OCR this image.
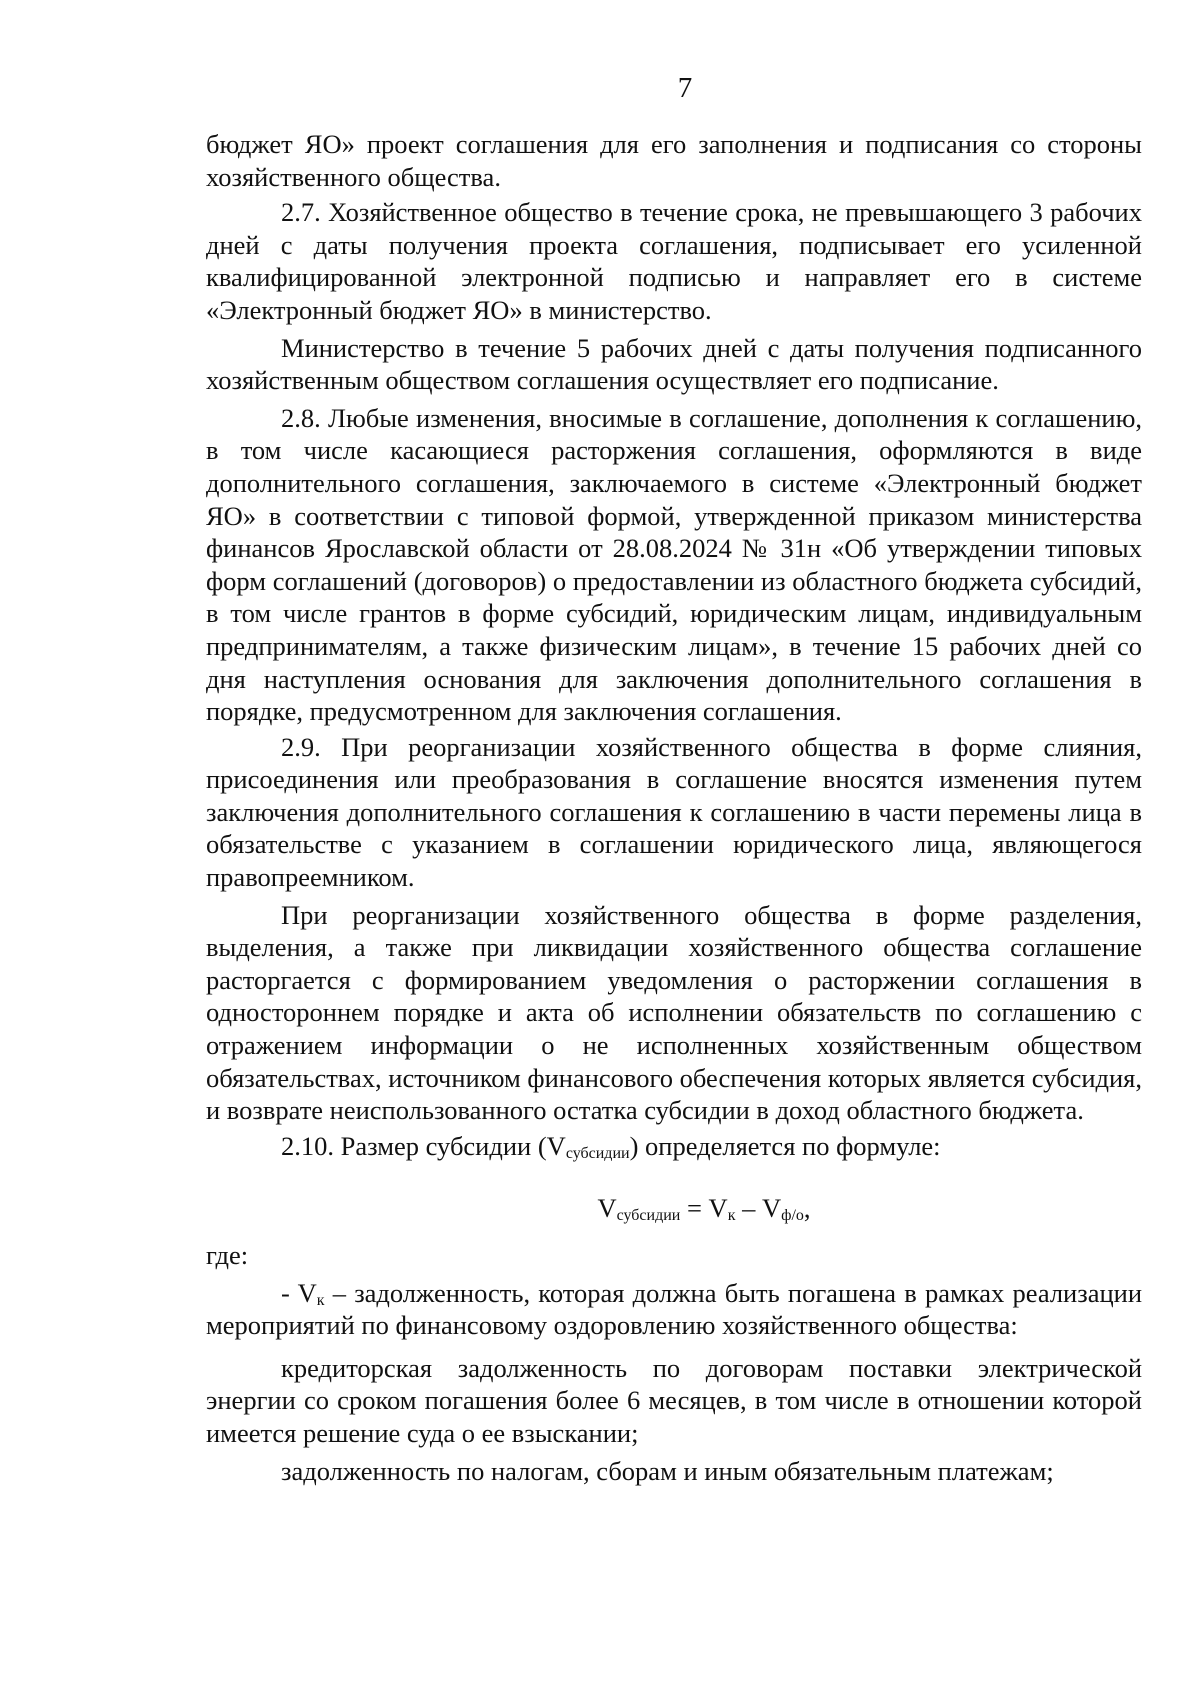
7

бюджет ЯО» проект соглашения для его заполнения и подписания со стороны хозяйственного общества.

2.7. Хозяйственное общество в течение срока, не превышающего 3 рабочих дней с даты получения проекта соглашения, подписывает его усиленной квалифицированной электронной подписью и направляет его в системе «Электронный бюджет ЯО» в министерство.

Министерство в течение 5 рабочих дней с даты получения подписанного хозяйственным обществом соглашения осуществляет его подписание.

2.8. Любые изменения, вносимые в соглашение, дополнения к соглашению, в том числе касающиеся расторжения соглашения, оформляются в виде дополнительного соглашения, заключаемого в системе «Электронный бюджет ЯО» в соответствии с типовой формой, утвержденной приказом министерства финансов Ярославской области от 28.08.2024 № 31н «Об утверждении типовых форм соглашений (договоров) о предоставлении из областного бюджета субсидий, в том числе грантов в форме субсидий, юридическим лицам, индивидуальным предпринимателям, а также физическим лицам», в течение 15 рабочих дней со дня наступления основания для заключения дополнительного соглашения в порядке, предусмотренном для заключения соглашения.

2.9. При реорганизации хозяйственного общества в форме слияния, присоединения или преобразования в соглашение вносятся изменения путем заключения дополнительного соглашения к соглашению в части перемены лица в обязательстве с указанием в соглашении юридического лица, являющегося правопреемником.

При реорганизации хозяйственного общества в форме разделения, выделения, а также при ликвидации хозяйственного общества соглашение расторгается с формированием уведомления о расторжении соглашения в одностороннем порядке и акта об исполнении обязательств по соглашению с отражением информации о не исполненных хозяйственным обществом обязательствах, источником финансового обеспечения которых является субсидия, и возврате неиспользованного остатка субсидии в доход областного бюджета.

2.10. Размер субсидии $(V_{субсидии})$ определяется по формуле:

$V_{субсидии} = V_к - V_{ф/о}$,

где:

- $V_к$ – задолженность, которая должна быть погашена в рамках реализации мероприятий по финансовому оздоровлению хозяйственного общества:

кредиторская задолженность по договорам поставки электрической энергии со сроком погашения более 6 месяцев, в том числе в отношении которой имеется решение суда о ее взыскании;

задолженность по налогам, сборам и иным обязательным платежам;
